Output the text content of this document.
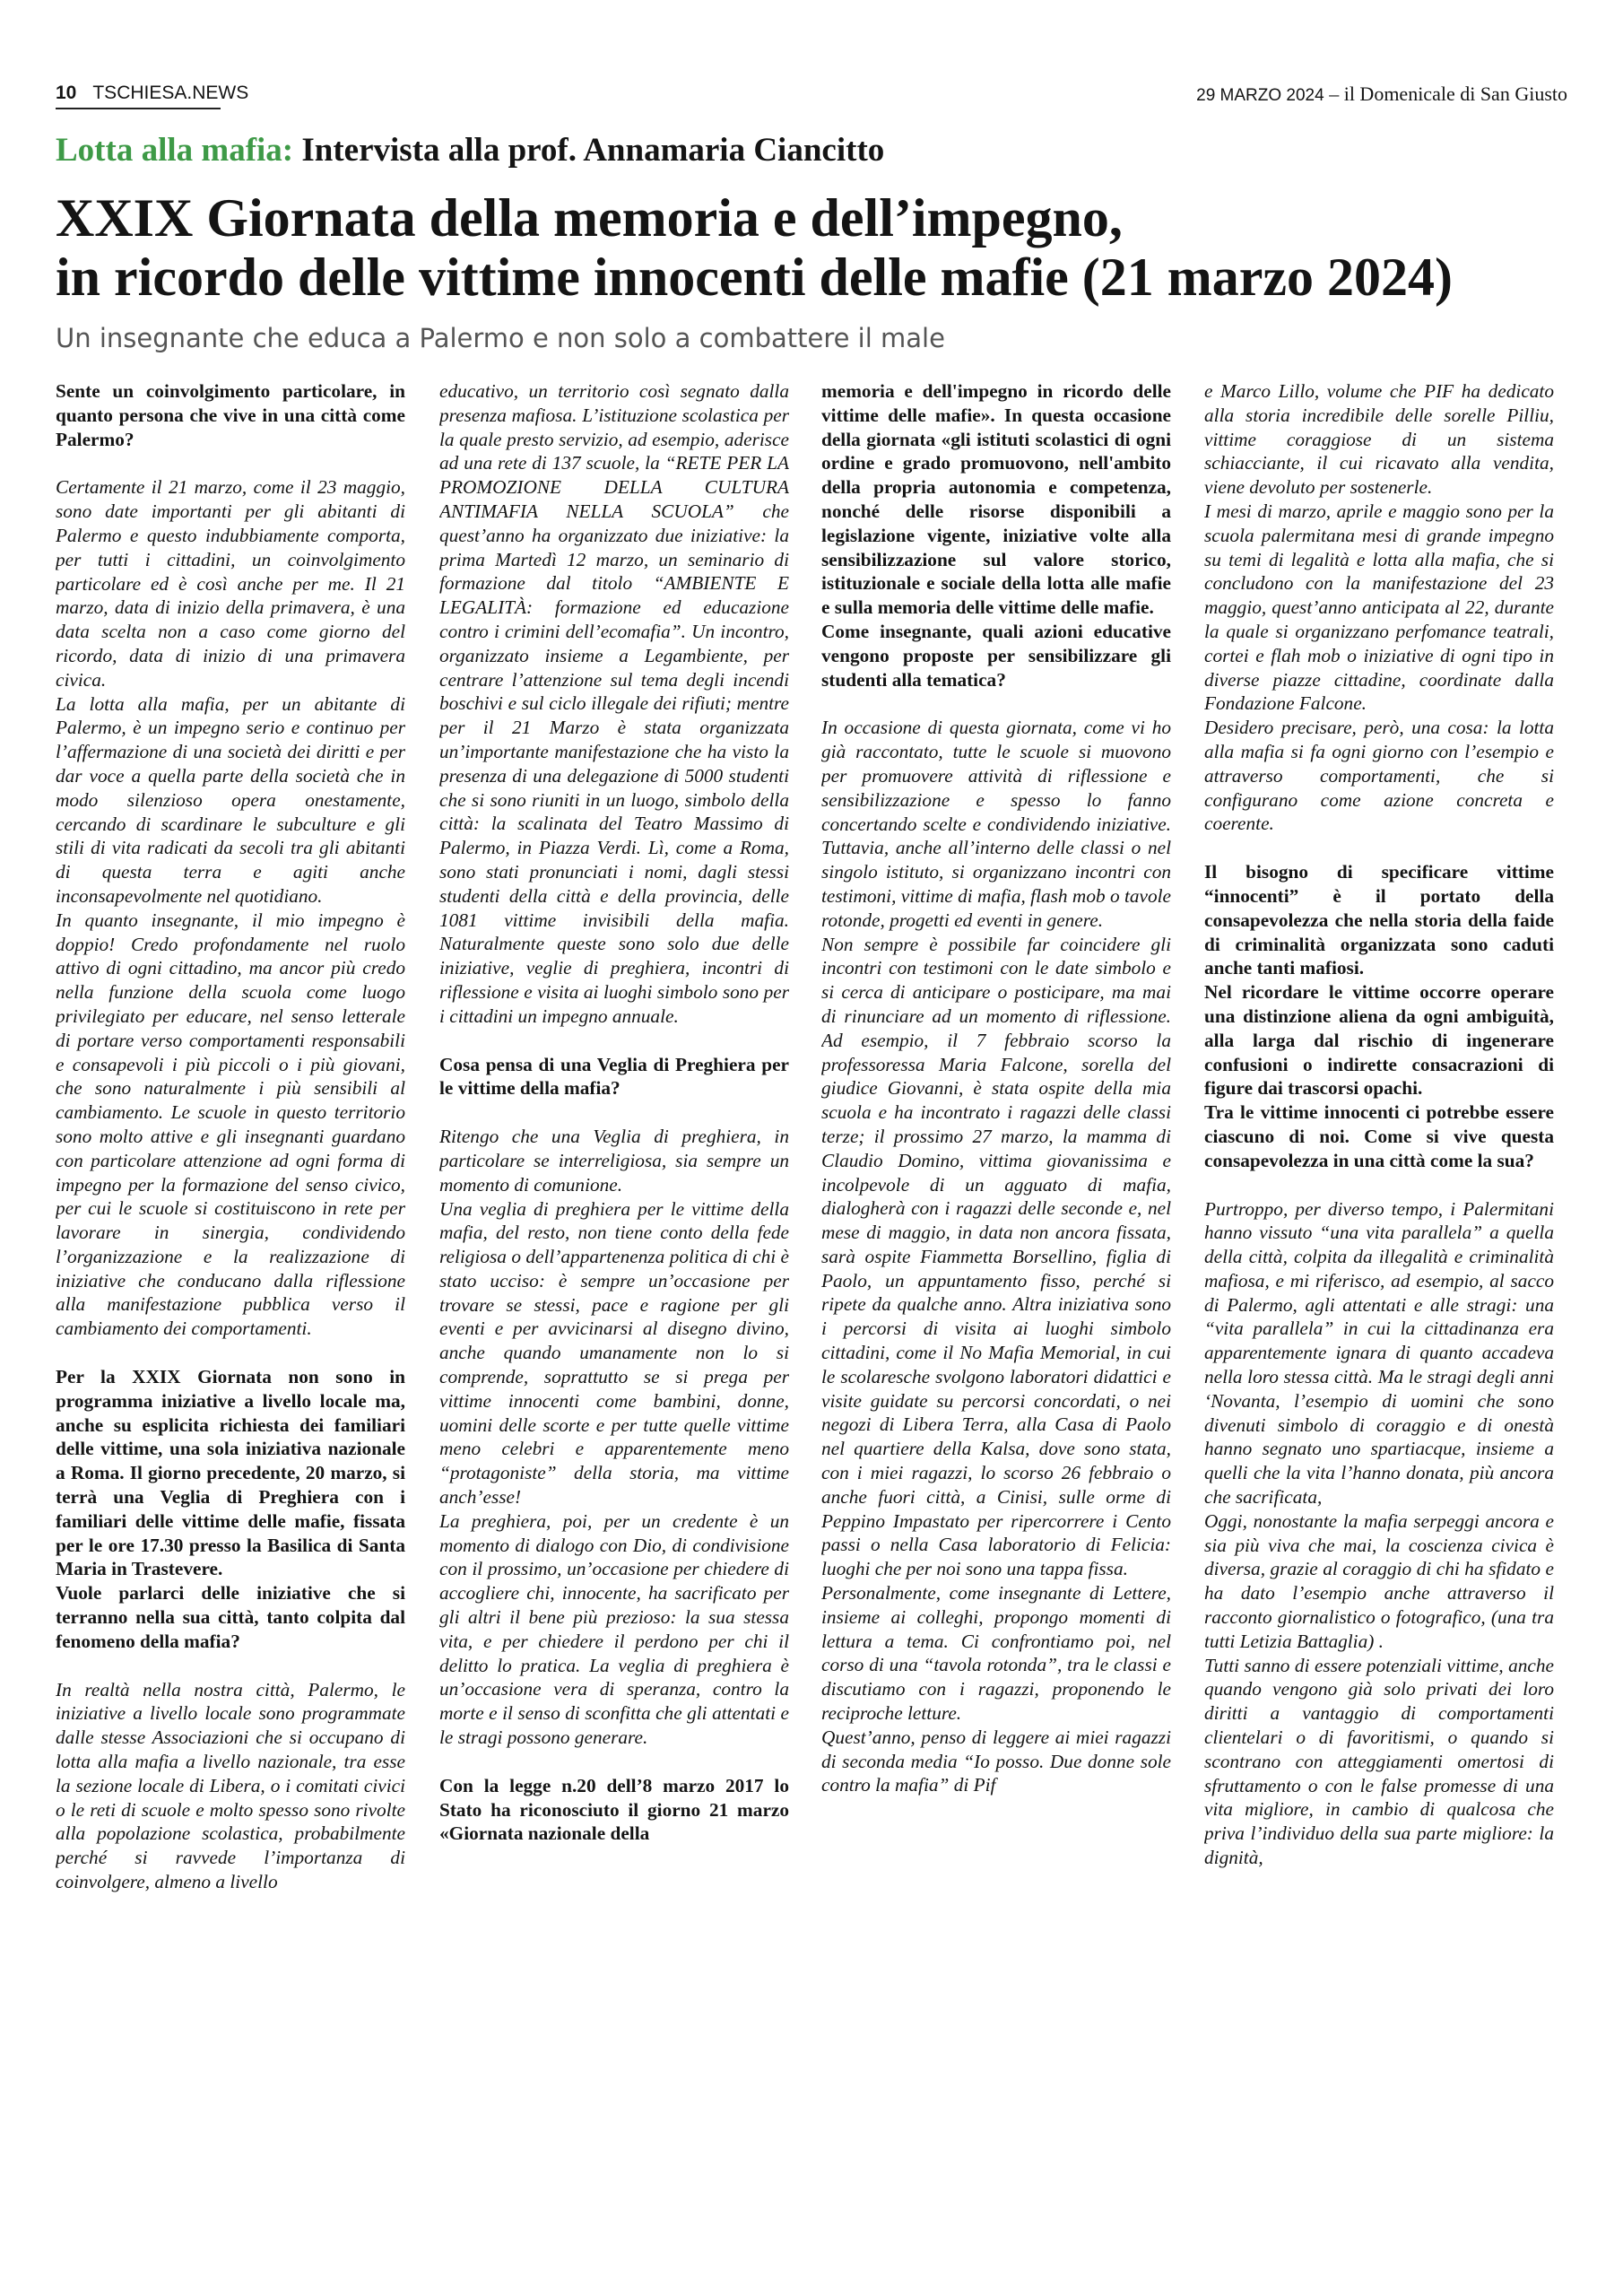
10 TSCHIESA.NEWS	29 MARZO 2024 – il Domenicale di San Giusto
Lotta alla mafia: Intervista alla prof. Annamaria Ciancitto
XXIX Giornata della memoria e dell’impegno,
in ricordo delle vittime innocenti delle mafie (21 marzo 2024)
Un insegnante che educa a Palermo e non solo a combattere il male

Sente un coinvolgimento particolare, in quanto persona che vive in una città come Palermo?

Certamente il 21 marzo, come il 23 maggio, sono date importanti per gli abitanti di Palermo e questo indubbiamente comporta, per tutti i cittadini, un coinvolgimento particolare ed è così anche per me. Il 21 marzo, data di inizio della primavera, è una data scelta non a caso come giorno del ricordo, data di inizio di una primavera civica.

La lotta alla mafia, per un abitante di Palermo, è un impegno serio e continuo per l’affermazione di una società dei diritti e per dar voce a quella parte della società che in modo silenzioso opera onestamente, cercando di scardinare le subculture e gli stili di vita radicati da secoli tra gli abitanti di questa terra e agiti anche inconsapevolmente nel quotidiano.

In quanto insegnante, il mio impegno è doppio! Credo profondamente nel ruolo attivo di ogni cittadino, ma ancor più credo nella funzione della scuola come luogo privilegiato per educare, nel senso letterale di portare verso comportamenti responsabili e consapevoli i più piccoli o i più giovani, che sono naturalmente i più sensibili al cambiamento. Le scuole in questo territorio sono molto attive e gli insegnanti guardano con particolare attenzione ad ogni forma di impegno per la formazione del senso civico, per cui le scuole si costituiscono in rete per lavorare in sinergia, condividendo l’organizzazione e la realizzazione di iniziative che conducano dalla riflessione alla manifestazione pubblica verso il cambiamento dei comportamenti.

Per la XXIX Giornata non sono in programma iniziative a livello locale ma, anche su esplicita richiesta dei familiari delle vittime, una sola iniziativa nazionale a Roma. Il giorno precedente, 20 marzo, si terrà una Veglia di Preghiera con i familiari delle vittime delle mafie, fissata per le ore 17.30 presso la Basilica di Santa Maria in Trastevere.

Vuole parlarci delle iniziative che si terranno nella sua città, tanto colpita dal fenomeno della mafia?

In realtà nella nostra città, Palermo, le iniziative a livello locale sono programmate dalle stesse Associazioni che si occupano di lotta alla mafia a livello nazionale, tra esse la sezione locale di Libera, o i comitati civici o le reti di scuole e molto spesso sono rivolte alla popolazione scolastica, probabilmente perché si ravvede l’importanza di coinvolgere, almeno a livello

educativo, un territorio così segnato dalla presenza mafiosa. L’istituzione scolastica per la quale presto servizio, ad esempio, aderisce ad una rete di 137 scuole, la “RETE PER LA PROMOZIONE DELLA CULTURA ANTIMAFIA NELLA SCUOLA” che quest’anno ha organizzato due iniziative: la prima Martedì 12 marzo, un seminario di formazione dal titolo “AMBIENTE E LEGALITÀ: formazione ed educazione contro i crimini dell’ecomafia”. Un incontro, organizzato insieme a Legambiente, per centrare l’attenzione sul tema degli incendi boschivi e sul ciclo illegale dei rifiuti; mentre per il 21 Marzo è stata organizzata un’importante manifestazione che ha visto la presenza di una delegazione di 5000 studenti che si sono riuniti in un luogo, simbolo della città: la scalinata del Teatro Massimo di Palermo, in Piazza Verdi. Lì, come a Roma, sono stati pronunciati i nomi, dagli stessi studenti della città e della provincia, delle 1081 vittime invisibili della mafia. Naturalmente queste sono solo due delle iniziative, veglie di preghiera, incontri di riflessione e visita ai luoghi simbolo sono per i cittadini un impegno annuale.

Cosa pensa di una Veglia di Preghiera per le vittime della mafia?

Ritengo che una Veglia di preghiera, in particolare se interreligiosa, sia sempre un momento di comunione.

Una veglia di preghiera per le vittime della mafia, del resto, non tiene conto della fede religiosa o dell’appartenenza politica di chi è stato ucciso: è sempre un’occasione per trovare se stessi, pace e ragione per gli eventi e per avvicinarsi al disegno divino, anche quando umanamente non lo si comprende, soprattutto se si prega per vittime innocenti come bambini, donne, uomini delle scorte e per tutte quelle vittime meno celebri e apparentemente meno “protagoniste” della storia, ma vittime anch’esse!

La preghiera, poi, per un credente è un momento di dialogo con Dio, di condivisione con il prossimo, un’occasione per chiedere di accogliere chi, innocente, ha sacrificato per gli altri il bene più prezioso: la sua stessa vita, e per chiedere il perdono per chi il delitto lo pratica. La veglia di preghiera è un’occasione vera di speranza, contro la morte e il senso di sconfitta che gli attentati e le stragi possono generare.

Con la legge n.20 dell’8 marzo 2017 lo Stato ha riconosciuto il giorno 21 marzo «Giornata nazionale della

memoria e dell'impegno in ricordo delle vittime delle mafie». In questa occasione della giornata «gli istituti scolastici di ogni ordine e grado promuovono, nell'ambito della propria autonomia e competenza, nonché delle risorse disponibili a legislazione vigente, iniziative volte alla sensibilizzazione sul valore storico, istituzionale e sociale della lotta alle mafie e sulla memoria delle vittime delle mafie.

Come insegnante, quali azioni educative vengono proposte per sensibilizzare gli studenti alla tematica?

In occasione di questa giornata, come vi ho già raccontato, tutte le scuole si muovono per promuovere attività di riflessione e sensibilizzazione e spesso lo fanno concertando scelte e condividendo iniziative. Tuttavia, anche all’interno delle classi o nel singolo istituto, si organizzano incontri con testimoni, vittime di mafia, flash mob o tavole rotonde, progetti ed eventi in genere.

Non sempre è possibile far coincidere gli incontri con testimoni con le date simbolo e si cerca di anticipare o posticipare, ma mai di rinunciare ad un momento di riflessione. Ad esempio, il 7 febbraio scorso la professoressa Maria Falcone, sorella del giudice Giovanni, è stata ospite della mia scuola e ha incontrato i ragazzi delle classi terze; il prossimo 27 marzo, la mamma di Claudio Domino, vittima giovanissima e incolpevole di un agguato di mafia, dialogherà con i ragazzi delle seconde e, nel mese di maggio, in data non ancora fissata, sarà ospite Fiammetta Borsellino, figlia di Paolo, un appuntamento fisso, perché si ripete da qualche anno. Altra iniziativa sono i percorsi di visita ai luoghi simbolo cittadini, come il No Mafia Memorial, in cui le scolaresche svolgono laboratori didattici e visite guidate su percorsi concordati, o nei negozi di Libera Terra, alla Casa di Paolo nel quartiere della Kalsa, dove sono stata, con i miei ragazzi, lo scorso 26 febbraio o anche fuori città, a Cinisi, sulle orme di Peppino Impastato per ripercorrere i Cento passi o nella Casa laboratorio di Felicia: luoghi che per noi sono una tappa fissa.

Personalmente, come insegnante di Lettere, insieme ai colleghi, propongo momenti di lettura a tema. Ci confrontiamo poi, nel corso di una “tavola rotonda”, tra le classi e discutiamo con i ragazzi, proponendo le reciproche letture.

Quest’anno, penso di leggere ai miei ragazzi di seconda media “Io posso. Due donne sole contro la mafia” di Pif

e Marco Lillo, volume che PIF ha dedicato alla storia incredibile delle sorelle Pilliu, vittime coraggiose di un sistema schiacciante, il cui ricavato alla vendita, viene devoluto per sostenerle.

I mesi di marzo, aprile e maggio sono per la scuola palermitana mesi di grande impegno su temi di legalità e lotta alla mafia, che si concludono con la manifestazione del 23 maggio, quest’anno anticipata al 22, durante la quale si organizzano perfomance teatrali, cortei e flah mob o iniziative di ogni tipo in diverse piazze cittadine, coordinate dalla Fondazione Falcone.

Desidero precisare, però, una cosa: la lotta alla mafia si fa ogni giorno con l’esempio e attraverso comportamenti, che si configurano come azione concreta e coerente.

Il bisogno di specificare vittime “innocenti” è il portato della consapevolezza che nella storia della faide di criminalità organizzata sono caduti anche tanti mafiosi.

Nel ricordare le vittime occorre operare una distinzione aliena da ogni ambiguità, alla larga dal rischio di ingenerare confusioni o indirette consacrazioni di figure dai trascorsi opachi.

Tra le vittime innocenti ci potrebbe essere ciascuno di noi. Come si vive questa consapevolezza in una città come la sua?

Purtroppo, per diverso tempo, i Palermitani hanno vissuto “una vita parallela” a quella della città, colpita da illegalità e criminalità mafiosa, e mi riferisco, ad esempio, al sacco di Palermo, agli attentati e alle stragi: una “vita parallela” in cui la cittadinanza era apparentemente ignara di quanto accadeva nella loro stessa città. Ma le stragi degli anni ‘Novanta, l’esempio di uomini che sono divenuti simbolo di coraggio e di onestà hanno segnato uno spartiacque, insieme a quelli che la vita l’hanno donata, più ancora che sacrificata,

Oggi, nonostante la mafia serpeggi ancora e sia più viva che mai, la coscienza civica è diversa, grazie al coraggio di chi ha sfidato e ha dato l’esempio anche attraverso il racconto giornalistico o fotografico, (una tra tutti Letizia Battaglia) .

Tutti sanno di essere potenziali vittime, anche quando vengono già solo privati dei loro diritti a vantaggio di comportamenti clientelari o di favoritismi, o quando si scontrano con atteggiamenti omertosi di sfruttamento o con le false promesse di una vita migliore, in cambio di qualcosa che priva l’individuo della sua parte migliore: la dignità,
